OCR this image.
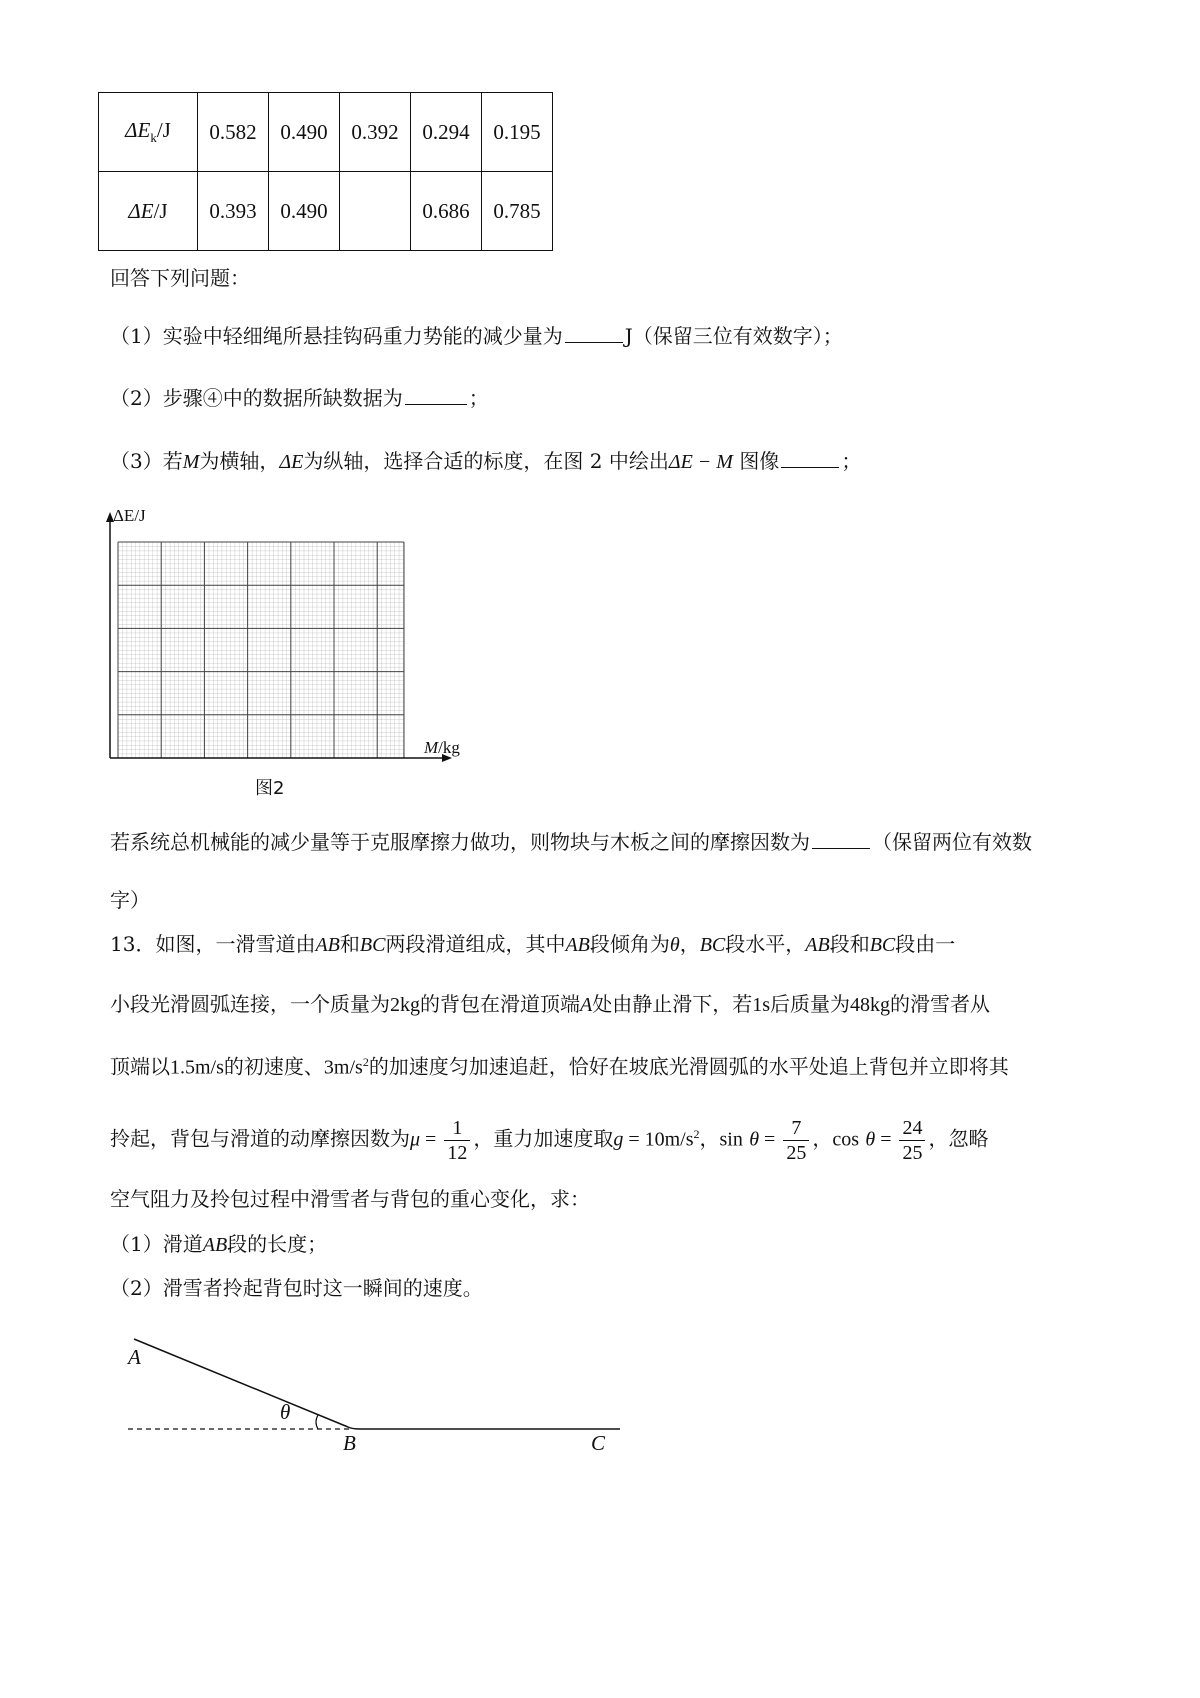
$\Delta E_k/J$	0.582	0.490	0.392	0.294	0.195
ΔE/J	0.393	0.490		0.686	0.785
回答下列问题：
（1）实验中轻细绳所悬挂钩码重力势能的减少量为	J（保留三位有效数字）；
（2）步骤④中的数据所缺数据为	；
（3）若M为横轴，ΔE为纵轴，选择合适的标度，在图 2 中绘出ΔE − M 图像	；
ΔE/J
M/kg
图2
若系统总机械能的减少量等于克服摩擦力做功，则物块与木板之间的摩擦因数为	（保留两位有效数
字）
13．如图，一滑雪道由AB和BC两段滑道组成，其中AB段倾角为θ，BC段水平，AB段和BC段由一
小段光滑圆弧连接，一个质量为2kg的背包在滑道顶端A处由静止滑下，若1s后质量为48kg的滑雪者从
顶端以1.5m/s的初速度、$3m/s^2$的加速度匀加速追赶，恰好在坡底光滑圆弧的水平处追上背包并立即将其
拎起，背包与滑道的动摩擦因数为$\mu = \frac{1}{12}$ ，重力加速度取$g = 10m/s^2$，$\sin \theta = \frac{7}{25}$ ，$\cos \theta = \frac{24}{25}$ ，忽略
空气阻力及拎包过程中滑雪者与背包的重心变化，求：
（1）滑道AB段的长度；
（2）滑雪者拎起背包时这一瞬间的速度。
A
θ
B	C
